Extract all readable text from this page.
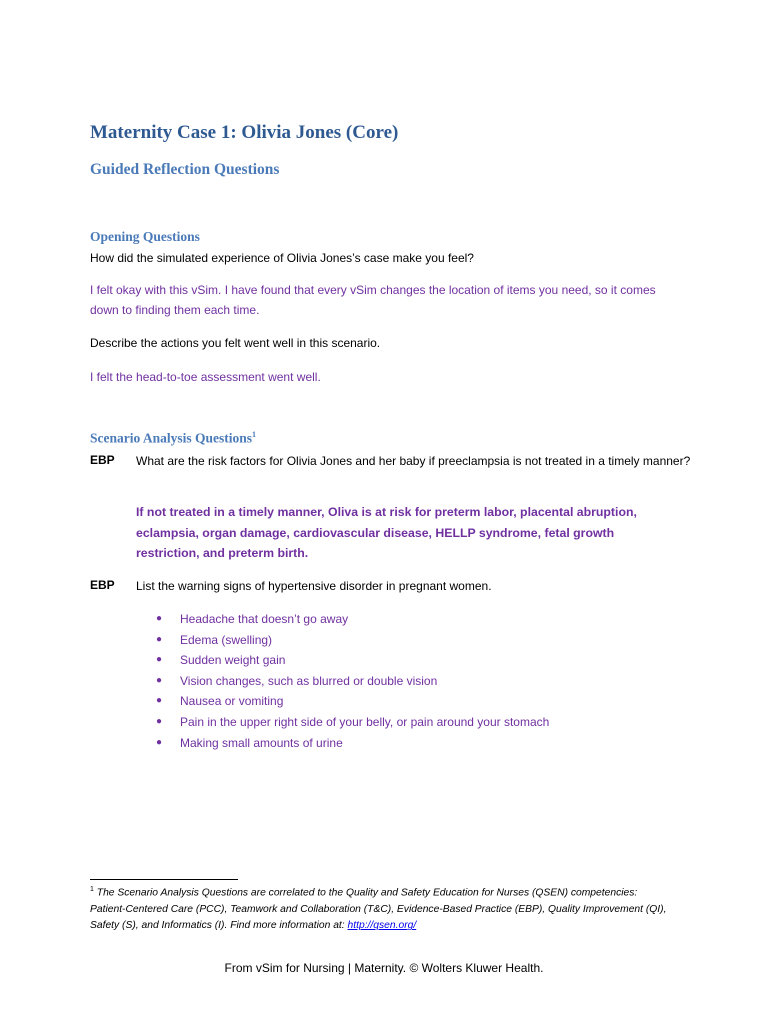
Maternity Case 1: Olivia Jones (Core)
Guided Reflection Questions
Opening Questions
How did the simulated experience of Olivia Jones’s case make you feel?
I felt okay with this vSim. I have found that every vSim changes the location of items you need, so it comes down to finding them each time.
Describe the actions you felt went well in this scenario.
I felt the head-to-toe assessment went well.
Scenario Analysis Questions$^1$
EBP What are the risk factors for Olivia Jones and her baby if preeclampsia is not treated in a timely manner?
If not treated in a timely manner, Oliva is at risk for preterm labor, placental abruption, eclampsia, organ damage, cardiovascular disease, HELLP syndrome, fetal growth restriction, and preterm birth.
EBP List the warning signs of hypertensive disorder in pregnant women.
● Headache that doesn’t go away
● Edema (swelling)
● Sudden weight gain
● Vision changes, such as blurred or double vision
● Nausea or vomiting
● Pain in the upper right side of your belly, or pain around your stomach
● Making small amounts of urine
$^1$ The Scenario Analysis Questions are correlated to the Quality and Safety Education for Nurses (QSEN) competencies: Patient-Centered Care (PCC), Teamwork and Collaboration (T&C), Evidence-Based Practice (EBP), Quality Improvement (QI), Safety (S), and Informatics (I). Find more information at: http://qsen.org/
From vSim for Nursing | Maternity. © Wolters Kluwer Health.
